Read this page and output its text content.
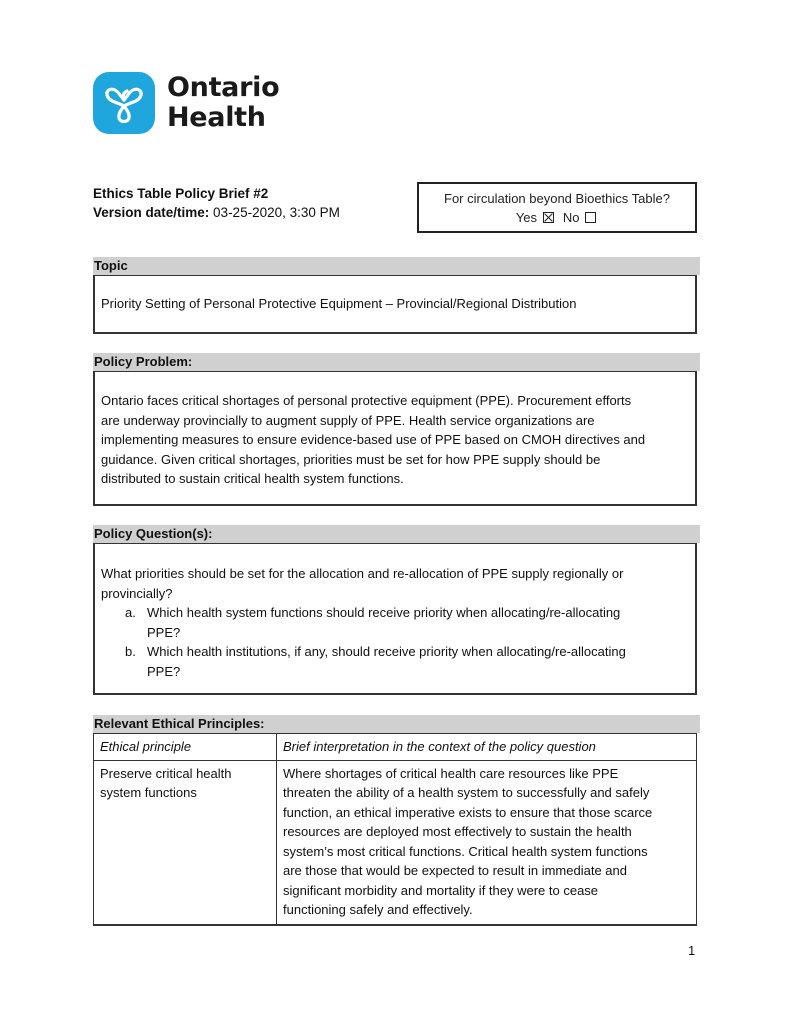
Ontario
Health
Ethics Table Policy Brief #2
Version date/time: 03-25-2020, 3:30 PM
For circulation beyond Bioethics Table?
Yes No
Topic
Priority Setting of Personal Protective Equipment – Provincial/Regional Distribution
Policy Problem:
Ontario faces critical shortages of personal protective equipment (PPE). Procurement efforts
are underway provincially to augment supply of PPE. Health service organizations are
implementing measures to ensure evidence-based use of PPE based on CMOH directives and
guidance. Given critical shortages, priorities must be set for how PPE supply should be
distributed to sustain critical health system functions.
Policy Question(s):
What priorities should be set for the allocation and re-allocation of PPE supply regionally or
provincially?
a. Which health system functions should receive priority when allocating/re-allocating
PPE?
b. Which health institutions, if any, should receive priority when allocating/re-allocating
PPE?
Relevant Ethical Principles:
Ethical principle	Brief interpretation in the context of the policy question

Preserve critical health
system functions

Where shortages of critical health care resources like PPE
threaten the ability of a health system to successfully and safely
function, an ethical imperative exists to ensure that those scarce
resources are deployed most effectively to sustain the health
system’s most critical functions. Critical health system functions
are those that would be expected to result in immediate and
significant morbidity and mortality if they were to cease
functioning safely and effectively.
1
